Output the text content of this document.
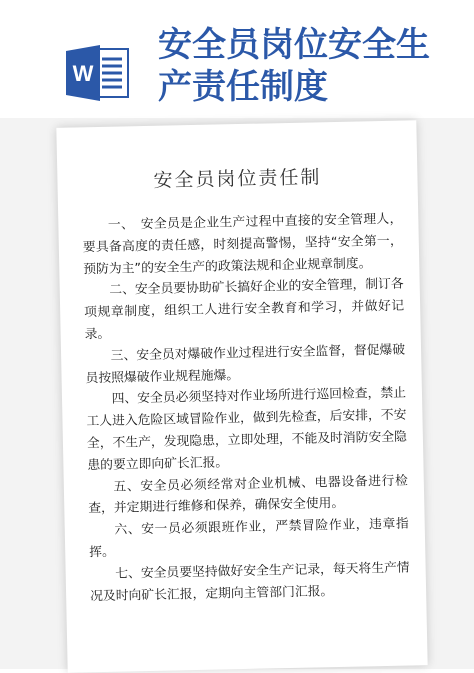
W
安全员岗位安全生产责任制度
安全员岗位责任制

一、　安全员是企业生产过程中直接的安全管理人，要具备高度的责任感，时刻提高警惕，坚持“安全第一，预防为主”的安全生产的政策法规和企业规章制度。

二、安全员要协助矿长搞好企业的安全管理，制订各项规章制度，组织工人进行安全教育和学习，并做好记录。

三、安全员对爆破作业过程进行安全监督，督促爆破员按照爆破作业规程施爆。

四、安全员必须坚持对作业场所进行巡回检查，禁止工人进入危险区域冒险作业，做到先检查，后安排，不安全，不生产，发现隐患，立即处理，不能及时消防安全隐患的要立即向矿长汇报。

五、安全员必须经常对企业机械、电器设备进行检查，并定期进行维修和保养，确保安全使用。

六、安一员必须跟班作业，严禁冒险作业，违章指挥。

七、安全员要坚持做好安全生产记录，每天将生产情况及时向矿长汇报，定期向主管部门汇报。
